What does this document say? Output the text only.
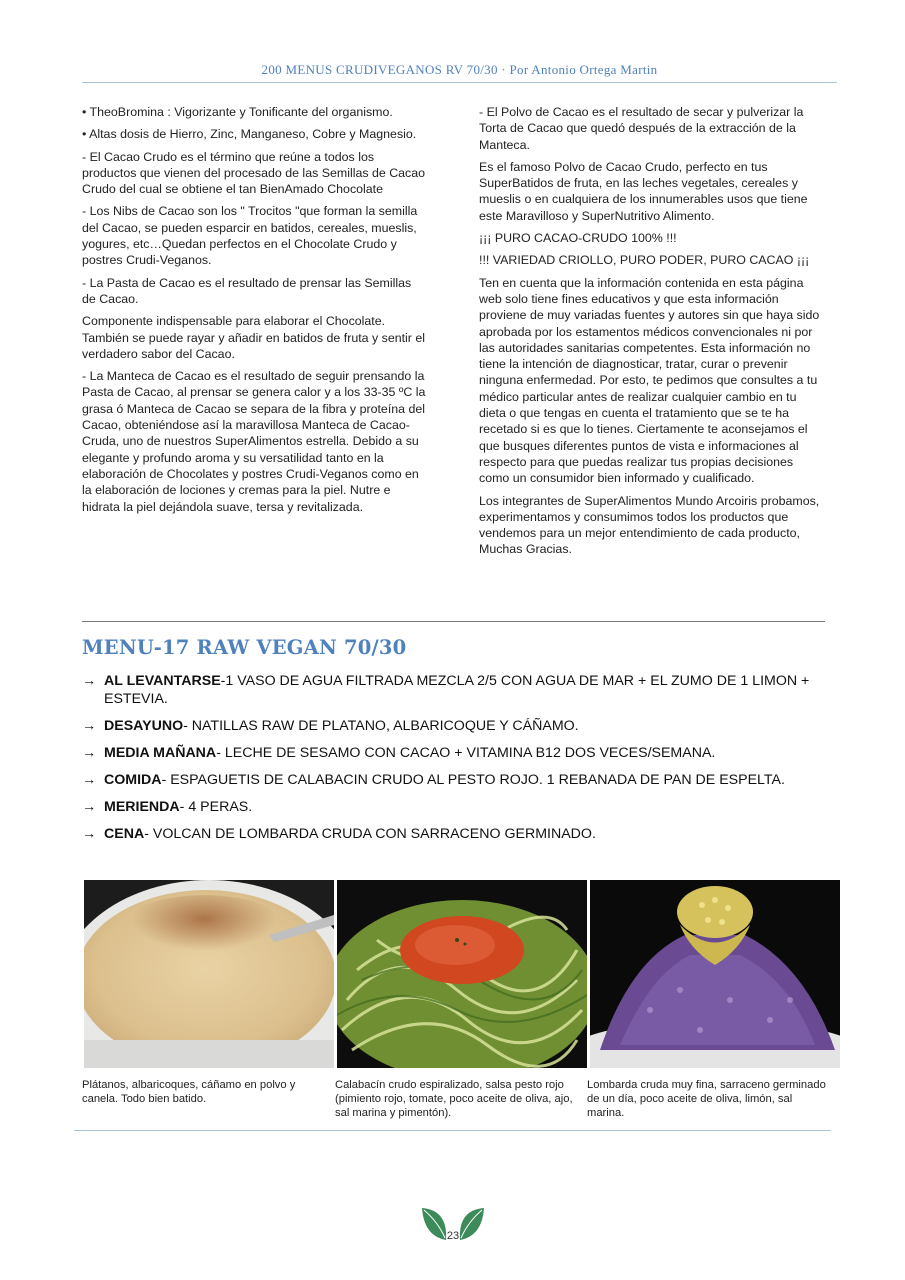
200 MENUS CRUDIVEGANOS RV 70/30 · Por Antonio Ortega Martin

• TheoBromina : Vigorizante y Tonificante del organismo.

• Altas dosis de Hierro, Zinc, Manganeso, Cobre y Magnesio.

- El Cacao Crudo es el término que reúne a todos los productos que vienen del procesado de las Semillas de Cacao Crudo del cual se obtiene el tan BienAmado Chocolate

- Los Nibs de Cacao son los " Trocitos "que forman la semilla del Cacao, se pueden esparcir en batidos, cereales, mueslis, yogures, etc…Quedan perfectos en el Chocolate Crudo y postres Crudi-Veganos.

- La Pasta de Cacao es el resultado de prensar las Semillas de Cacao.

Componente indispensable para elaborar el Chocolate. También se puede rayar y añadir en batidos de fruta y sentir el verdadero sabor del Cacao.

- La Manteca de Cacao es el resultado de seguir prensando la Pasta de Cacao, al prensar se genera calor y a los 33-35 ºC la grasa ó Manteca de Cacao se separa de la fibra y proteína del Cacao, obteniéndose así la maravillosa Manteca de Cacao-Cruda, uno de nuestros SuperAlimentos estrella. Debido a su elegante y profundo aroma y su versatilidad tanto en la elaboración de Chocolates y postres Crudi-Veganos como en la elaboración de lociones y cremas para la piel. Nutre e hidrata la piel dejándola suave, tersa y revitalizada.

- El Polvo de Cacao es el resultado de secar y pulverizar la Torta de Cacao que quedó después de la extracción de la Manteca.

Es el famoso Polvo de Cacao Crudo, perfecto en tus SuperBatidos de fruta, en las leches vegetales, cereales y mueslis o en cualquiera de los innumerables usos que tiene este Maravilloso y SuperNutritivo Alimento.

¡¡¡ PURO CACAO-CRUDO 100% !!!

!!! VARIEDAD CRIOLLO, PURO PODER, PURO CACAO ¡¡¡

Ten en cuenta que la información contenida en esta página web solo tiene fines educativos y que esta información proviene de muy variadas fuentes y autores sin que haya sido aprobada por los estamentos médicos convencionales ni por las autoridades sanitarias competentes. Esta información no tiene la intención de diagnosticar, tratar, curar o prevenir ninguna enfermedad. Por esto, te pedimos que consultes a tu médico particular antes de realizar cualquier cambio en tu dieta o que tengas en cuenta el tratamiento que se te ha recetado si es que lo tienes. Ciertamente te aconsejamos el que busques diferentes puntos de vista e informaciones al respecto para que puedas realizar tus propias decisiones como un consumidor bien informado y cualificado.

Los integrantes de SuperAlimentos Mundo Arcoiris probamos, experimentamos y consumimos todos los productos que vendemos para un mejor entendimiento de cada producto, Muchas Gracias.

MENU-17 RAW VEGAN 70/30
→ AL LEVANTARSE-1 VASO DE AGUA FILTRADA MEZCLA 2/5 CON AGUA DE MAR + EL ZUMO DE 1 LIMON + ESTEVIA.
→ DESAYUNO- NATILLAS RAW DE PLATANO, ALBARICOQUE Y CÁÑAMO.
→ MEDIA MAÑANA- LECHE DE SESAMO CON CACAO + VITAMINA B12 DOS VECES/SEMANA.
→ COMIDA- ESPAGUETIS DE CALABACIN CRUDO AL PESTO ROJO. 1 REBANADA DE PAN DE ESPELTA.
→ MERIENDA- 4 PERAS.
→ CENA- VOLCAN DE LOMBARDA CRUDA CON SARRACENO GERMINADO.
Plátanos, albaricoques, cáñamo en polvo y canela. Todo bien batido.
Calabacín crudo espiralizado, salsa pesto rojo (pimiento rojo, tomate, poco aceite de oliva, ajo, sal marina y pimentón).
Lombarda cruda muy fina, sarraceno germinado de un día, poco aceite de oliva, limón, sal marina.
23
